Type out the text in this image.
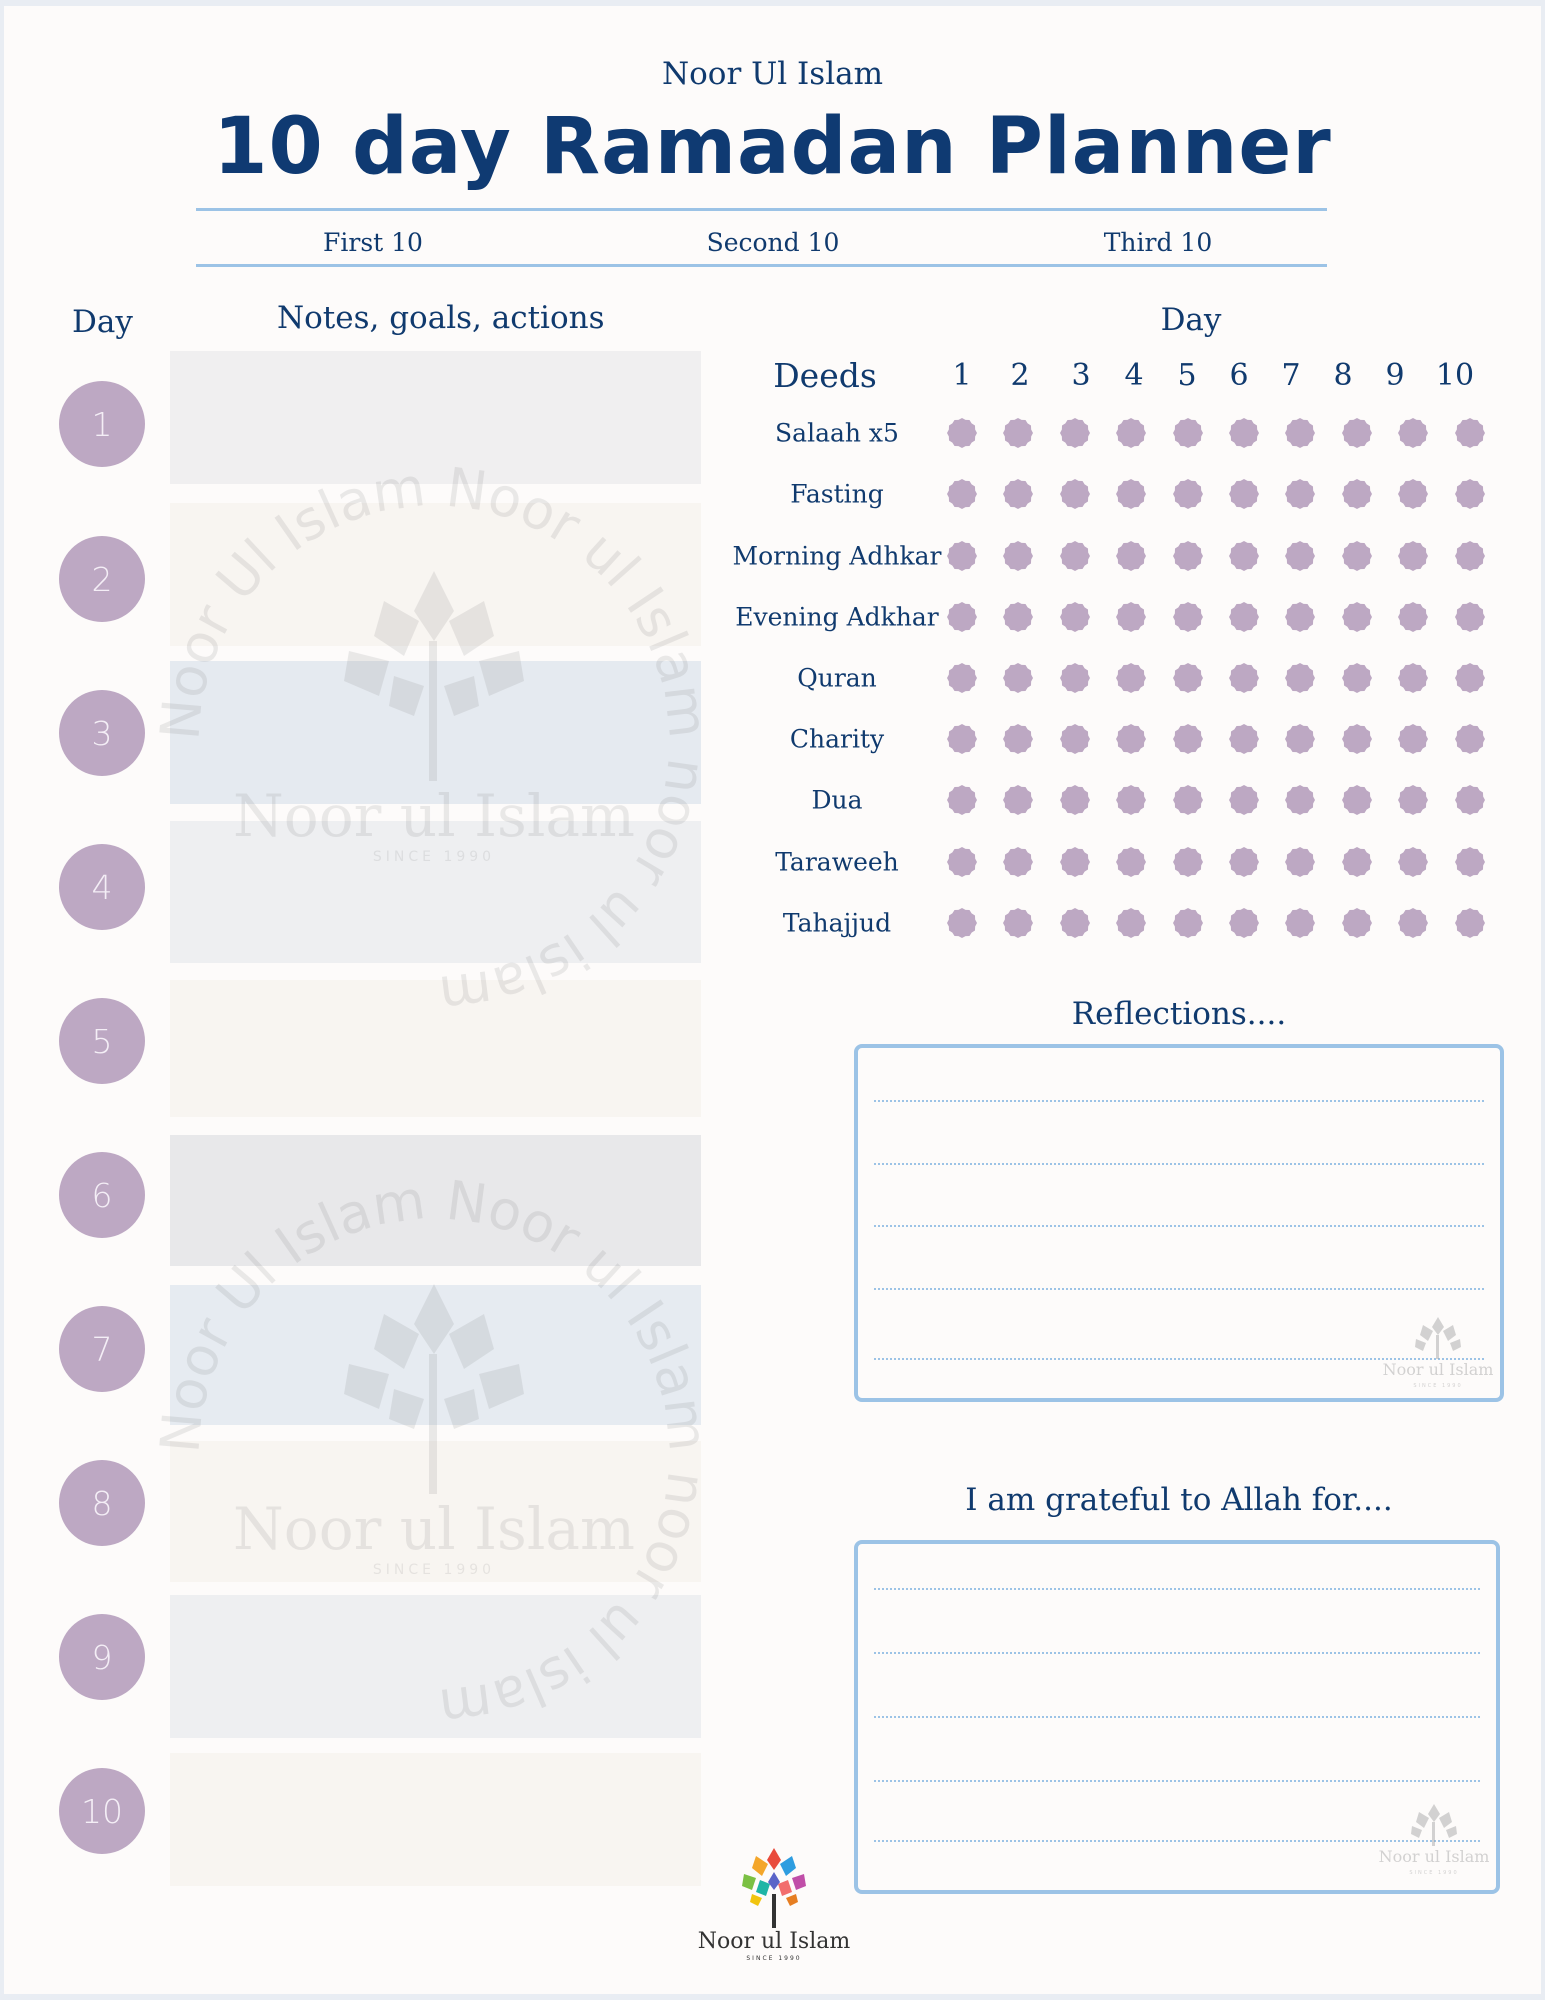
Noor Ul Islam
10 day Ramadan Planner
First 10	Second 10	Third 10
Day	Notes, goals, actions
1
2
3
4
5
6
7
8
9
10
o am No o sl
Noor ul Islam
N l u r
Day
Deeds	1 2 3 4 5 6 7 8 9 10
Salaah x5
Fasting
Morning Adhkar
Evening Adkhar
Quran
Charity
Dua
Taraweeh
Tahajjud
Reflections....
Noor ul Islam
SINCE 1990
I am grateful to Allah for....
Noor ul Islam
SINCE 1990
Noor ul Islam
SINCE 1990
